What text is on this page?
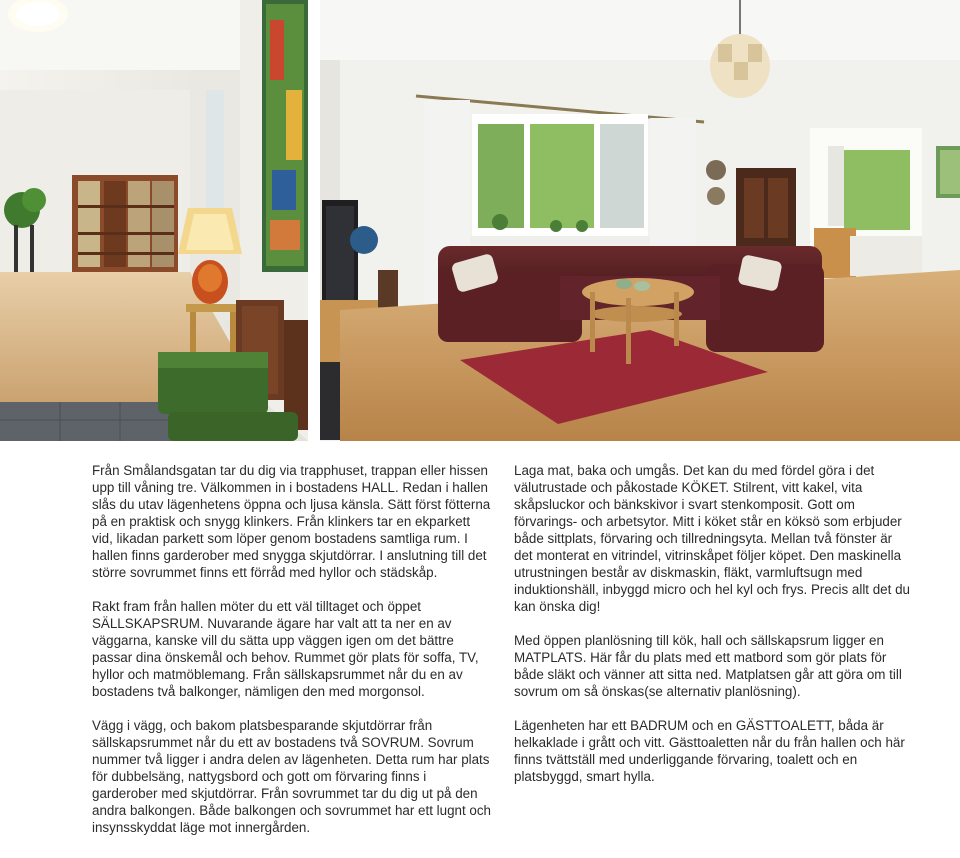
Från Smålandsgatan tar du dig via trapphuset, trappan eller hissen upp till våning tre. Välkommen in i bostadens HALL. Redan i hallen slås du utav lägenhetens öppna och ljusa känsla. Sätt först fötterna på en praktisk och snygg klinkers. Från klinkers tar en ekparkett vid, likadan parkett som löper genom bostadens samtliga rum. I hallen finns garderober med snygga skjutdörrar. I anslutning till det större sovrummet finns ett förråd med hyllor och städskåp.

Rakt fram från hallen möter du ett väl tilltaget och öppet SÄLLSKAPSRUM. Nuvarande ägare har valt att ta ner en av väggarna, kanske vill du sätta upp väggen igen om det bättre passar dina önskemål och behov. Rummet gör plats för soffa, TV, hyllor och matmöblemang. Från sällskapsrummet når du en av bostadens två balkonger, nämligen den med morgonsol.

Vägg i vägg, och bakom platsbesparande skjutdörrar från sällskapsrummet når du ett av bostadens två SOVRUM. Sovrum nummer två ligger i andra delen av lägenheten. Detta rum har plats för dubbelsäng, nattygsbord och gott om förvaring finns i garderober med skjutdörrar. Från sovrummet tar du dig ut på den andra balkongen. Både balkongen och sovrummet har ett lugnt och insynsskyddat läge mot innergården.

Laga mat, baka och umgås. Det kan du med fördel göra i det välutrustade och påkostade KÖKET. Stilrent, vitt kakel, vita skåpsluckor och bänkskivor i svart stenkomposit. Gott om förvarings- och arbetsytor. Mitt i köket står en köksö som erbjuder både sittplats, förvaring och tillredningsyta. Mellan två fönster är det monterat en vitrindel, vitrinskåpet följer köpet. Den maskinella utrustningen består av diskmaskin, fläkt, varmluftsugn med induktionshäll, inbyggd micro och hel kyl och frys. Precis allt det du kan önska dig!

Med öppen planlösning till kök, hall och sällskapsrum ligger en MATPLATS. Här får du plats med ett matbord som gör plats för både släkt och vänner att sitta ned. Matplatsen går att göra om till sovrum om så önskas(se alternativ planlösning).

Lägenheten har ett BADRUM och en GÄSTTOALETT, båda är helkaklade i grått och vitt. Gästtoaletten når du från hallen och här finns tvättställ med underliggande förvaring, toalett och en platsbyggd, smart hylla.
